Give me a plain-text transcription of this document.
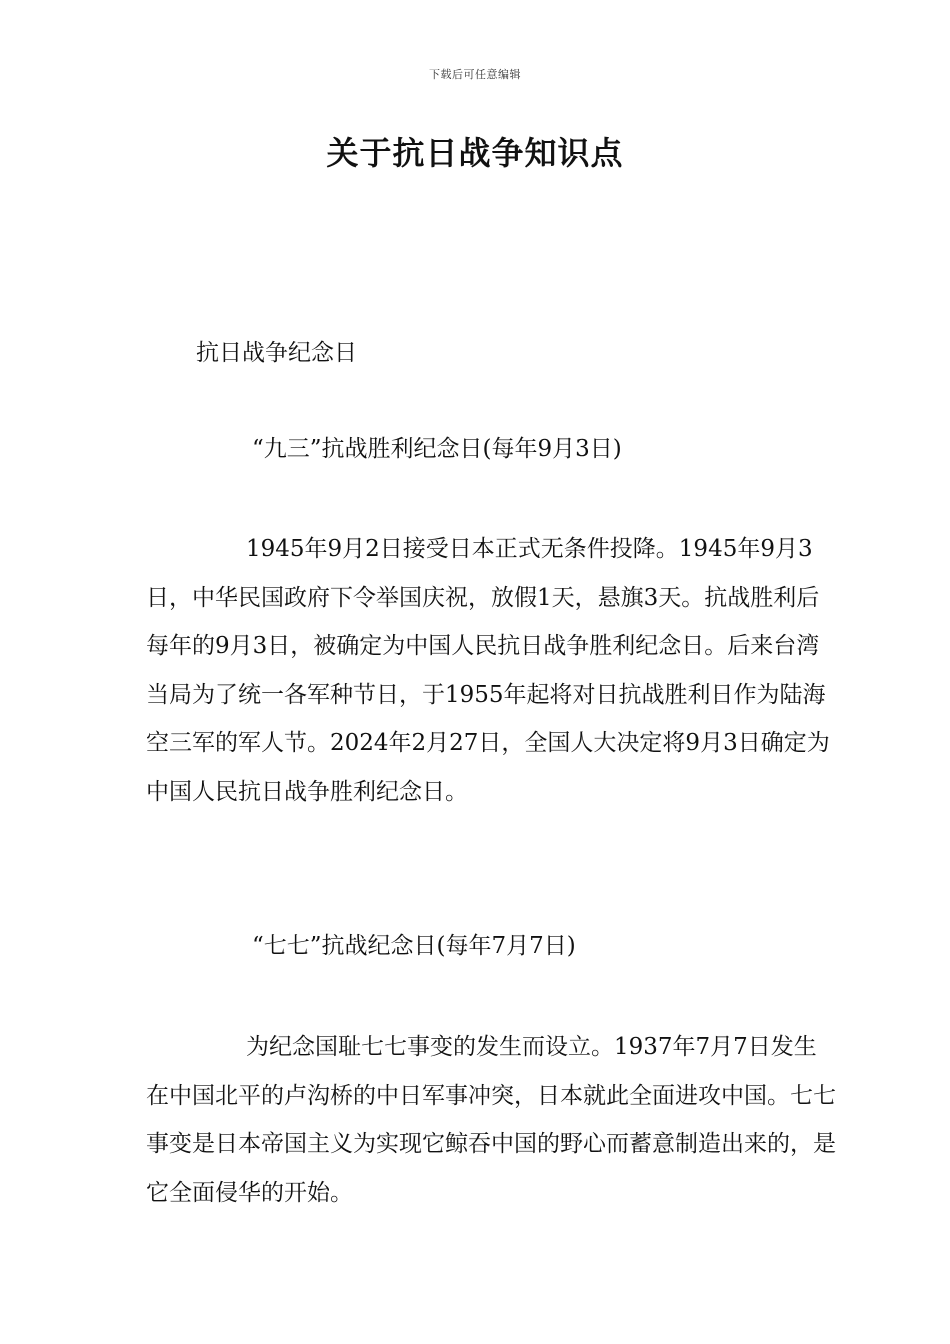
下载后可任意编辑
关于抗日战争知识点
抗日战争纪念日
“九三”抗战胜利纪念日(每年9月3日)

1945年9月2日接受日本正式无条件投降。1945年9月3日，中华民国政府下令举国庆祝，放假1天，悬旗3天。抗战胜利后每年的9月3日，被确定为中国人民抗日战争胜利纪念日。后来台湾当局为了统一各军种节日，于1955年起将对日抗战胜利日作为陆海空三军的军人节。2024年2月27日，全国人大决定将9月3日确定为中国人民抗日战争胜利纪念日。

“七七”抗战纪念日(每年7月7日)

为纪念国耻七七事变的发生而设立。1937年7月7日发生在中国北平的卢沟桥的中日军事冲突，日本就此全面进攻中国。七七事变是日本帝国主义为实现它鲸吞中国的野心而蓄意制造出来的，是它全面侵华的开始。
